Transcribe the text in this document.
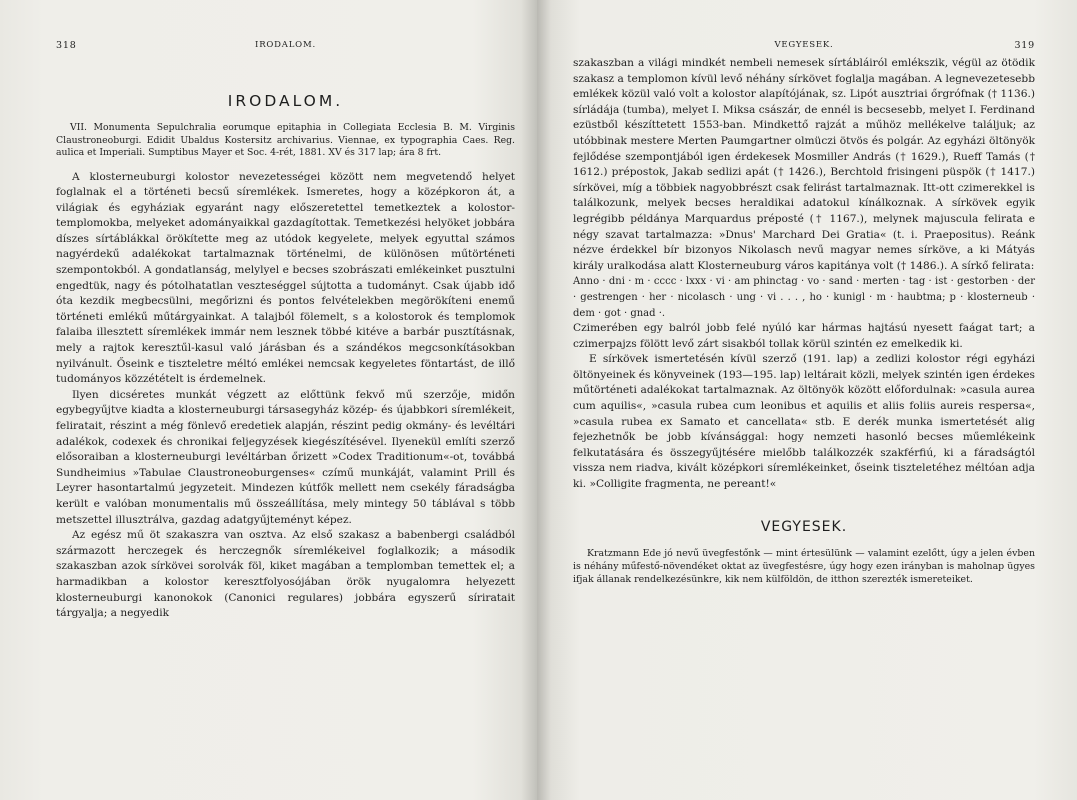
318	IRODALOM.
IRODALOM.

VII. Monumenta Sepulchralia eorumque epitaphia in Collegiata Ecclesia B. M. Virginis Claustroneoburgi. Edidit Ubaldus Kostersitz archivarius. Viennae, ex typographia Caes. Reg. aulica et Imperiali. Sumptibus Mayer et Soc. 4-rét, 1881. XV és 317 lap; ára 8 frt.

A klosterneuburgi kolostor nevezetességei között nem megvetendő helyet foglalnak el a történeti becsű síremlékek. Ismeretes, hogy a középkoron át, a világiak és egyháziak egyaránt nagy előszeretettel temetkeztek a kolostor-templomokba, melyeket adományaikkal gazdagítottak. Temetkezési helyöket jobbára díszes sírtáblákkal örökítette meg az utódok kegyelete, melyek egyuttal számos nagyérdekű adalékokat tartalmaznak történelmi, de különösen műtörténeti szempontokból. A gondatlanság, melylyel e becses szobrászati emlékeinket pusztulni engedtük, nagy és pótolhatatlan veszteséggel sújtotta a tudományt. Csak újabb idő óta kezdik megbecsülni, megőrizni és pontos felvételekben megörökíteni enemű történeti emlékű műtárgyainkat. A talajból fölemelt, s a kolostorok és templomok falaiba illesztett síremlékek immár nem lesznek többé kitéve a barbár pusztításnak, mely a rajtok keresztűl-kasul való járásban és a szándékos megcsonkításokban nyilvánult. Őseink e tiszteletre méltó emlékei nemcsak kegyeletes föntartást, de illő tudományos közzétételt is érdemelnek.

Ilyen dicséretes munkát végzett az előttünk fekvő mű szerzője, midőn egybegyűjtve kiadta a klosterneuburgi társasegyház közép- és újabbkori síremlékeit, feliratait, részint a még fönlevő eredetiek alapján, részint pedig okmány- és levéltári adalékok, codexek és chronikai feljegyzések kiegészítésével. Ilyenekül említi szerző elősoraiban a klosterneuburgi levéltárban őrizett »Codex Traditionum«-ot, továbbá Sundheimius »Tabulae Claustroneoburgenses« czímű munkáját, valamint Prill és Leyrer hasontartalmú jegyzeteit. Mindezen kútfők mellett nem csekély fáradságba került e valóban monumentalis mű összeállítása, mely mintegy 50 táblával s több metszettel illusztrálva, gazdag adatgyűjteményt képez.

Az egész mű öt szakaszra van osztva. Az első szakasz a babenbergi családból származott herczegek és herczegnők síremlékeivel foglalkozik; a második szakaszban azok sírkövei sorolvák föl, kiket magában a templomban temettek el; a harmadikban a kolostor keresztfolyosójában örök nyugalomra helyezett klosterneuburgi kanonokok (Canonici regulares) jobbára egyszerű síriratait tárgyalja; a negyedik

VEGYESEK.	319

szakaszban a világi mindkét nembeli nemesek sírtábláiról emlékszik, végül az ötödik szakasz a templomon kívül levő néhány sírkövet foglalja magában. A legnevezetesebb emlékek közül való volt a kolostor alapítójának, sz. Lipót ausztriai őrgrófnak († 1136.) sírládája (tumba), melyet I. Miksa császár, de ennél is becsesebb, melyet I. Ferdinand ezüstből készíttetett 1553-ban. Mindkettő rajzát a műhöz mellékelve találjuk; az utóbbinak mestere Merten Paumgartner olmüczi ötvös és polgár. Az egyházi öltönyök fejlődése szempontjából igen érdekesek Mosmiller András († 1629.), Rueff Tamás († 1612.) prépostok, Jakab sedlizi apát († 1426.), Berchtold frisingeni püspök († 1417.) sírkövei, míg a többiek nagyobbrészt csak felirást tartalmaznak. Itt-ott czimerekkel is találkozunk, melyek becses heraldikai adatokul kínálkoznak. A sírkövek egyik legrégibb példánya Marquardus préposté († 1167.), melynek majuscula felirata e négy szavat tartalmazza: »Dnus' Marchard Dei Gratia« (t. i. Praepositus). Reánk nézve érdekkel bír bizonyos Nikolasch nevű magyar nemes sírköve, a ki Mátyás király uralkodása alatt Klosterneuburg város kapitánya volt († 1486.). A sírkő felirata:

Anno · dni · m · cccc · lxxx · vi · am phinctag · vo · sand · merten · tag · ist · gestorben · der · gestrengen · her · nicolasch · ung · vi . . . , ho · kunigl · m · haubtma; p · klosterneub · dem · got · gnad ·.

Czimerében egy balról jobb felé nyúló kar hármas hajtású nyesett faágat tart; a czimerpajzs fölött levő zárt sisakból tollak körül szintén ez emelkedik ki.

E sírkövek ismertetésén kívül szerző (191. lap) a zedlizi kolostor régi egyházi öltönyeinek és könyveinek (193—195. lap) leltárait közli, melyek szintén igen érdekes műtörténeti adalékokat tartalmaznak. Az öltönyök között előfordulnak: »casula aurea cum aquilis«, »casula rubea cum leonibus et aquilis et aliis foliis aureis respersa«, »casula rubea ex Samato et cancellata« stb. E derék munka ismertetését alig fejezhetnők be jobb kívánsággal: hogy nemzeti hasonló becses műemlékeink felkutatására és összegyűjtésére mielőbb találkozzék szakférfiú, ki a fáradságtól vissza nem riadva, kivált középkori síremlékeinket, őseink tiszteletéhez méltóan adja ki. »Colligite fragmenta, ne pereant!«

VEGYESEK.

Kratzmann Ede jó nevű üvegfestőnk — mint értesülünk — valamint ezelőtt, úgy a jelen évben is néhány műfestő-növendéket oktat az üvegfestésre, úgy hogy ezen irányban is maholnap ügyes ifjak állanak rendelkezésünkre, kik nem külföldön, de itthon szerezték ismereteiket.
